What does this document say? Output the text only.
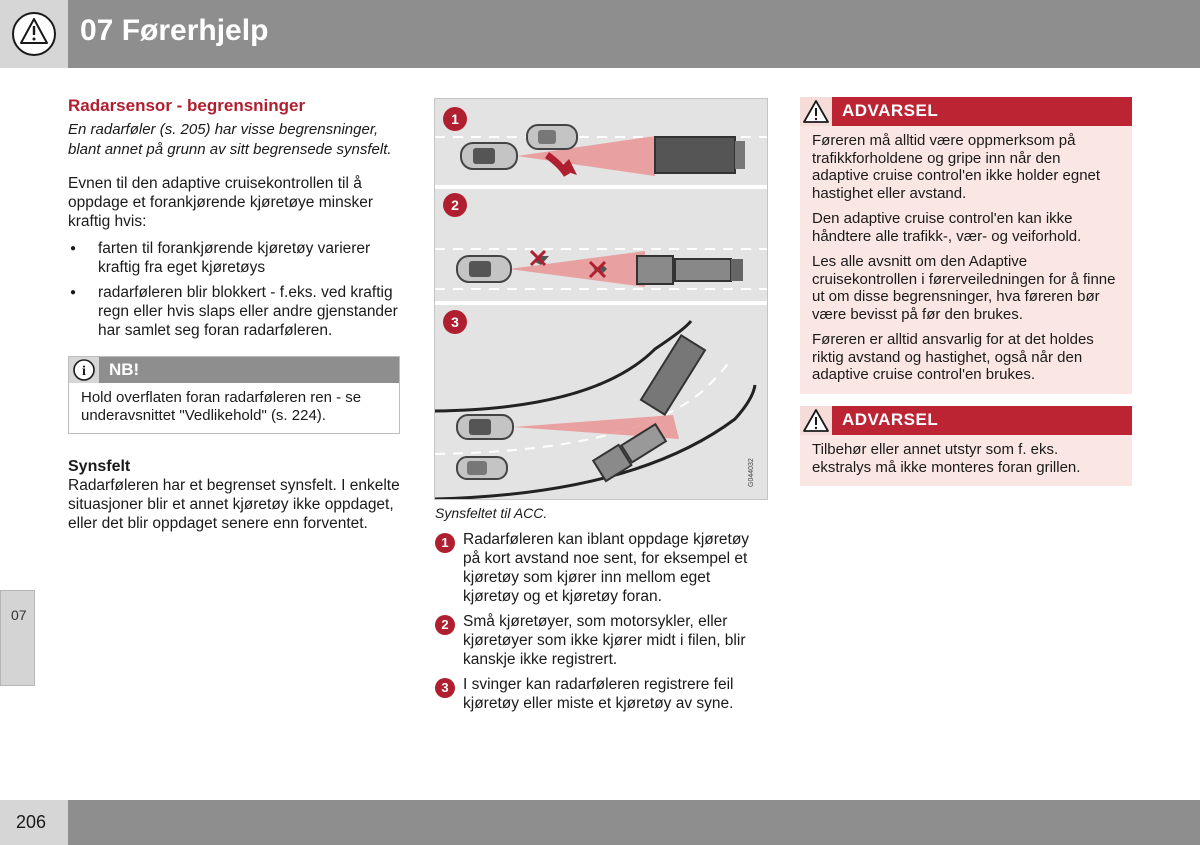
07 Førerhjelp
07
Radarsensor - begrensninger

En radarføler (s. 205) har visse begrensninger, blant annet på grunn av sitt begrensede synsfelt.

Evnen til den adaptive cruisekontrollen til å oppdage et forankjørende kjøretøye minsker kraftig hvis:

● farten til forankjørende kjøretøy varierer kraftig fra eget kjøretøys
● radarføleren blir blokkert - f.eks. ved kraftig regn eller hvis slaps eller andre gjenstander har samlet seg foran radarføleren.
i NB!
Hold overflaten foran radarføleren ren - se underavsnittet "Vedlikehold" (s. 224).
Synsfelt

Radarføleren har et begrenset synsfelt. I enkelte situasjoner blir et annet kjøretøy ikke oppdaget, eller det blir oppdaget senere enn forventet.

1
2
3
G044032
Synsfeltet til ACC.
1 Radarføleren kan iblant oppdage kjøretøy på kort avstand noe sent, for eksempel et kjøretøy som kjører inn mellom eget kjøretøy og et kjøretøy foran.
2 Små kjøretøyer, som motorsykler, eller kjøretøyer som ikke kjører midt i filen, blir kanskje ikke registrert.
3 I svinger kan radarføleren registrere feil kjøretøy eller miste et kjøretøy av syne.
ADVARSEL

Føreren må alltid være oppmerksom på trafikkforholdene og gripe inn når den adaptive cruise control'en ikke holder egnet hastighet eller avstand.

Den adaptive cruise control'en kan ikke håndtere alle trafikk-, vær- og veiforhold.

Les alle avsnitt om den Adaptive cruisekontrollen i førerveiledningen for å finne ut om disse begrensninger, hva føreren bør være bevisst på før den brukes.

Føreren er alltid ansvarlig for at det holdes riktig avstand og hastighet, også når den adaptive cruise control'en brukes.

ADVARSEL

Tilbehør eller annet utstyr som f. eks. ekstralys må ikke monteres foran grillen.

206
